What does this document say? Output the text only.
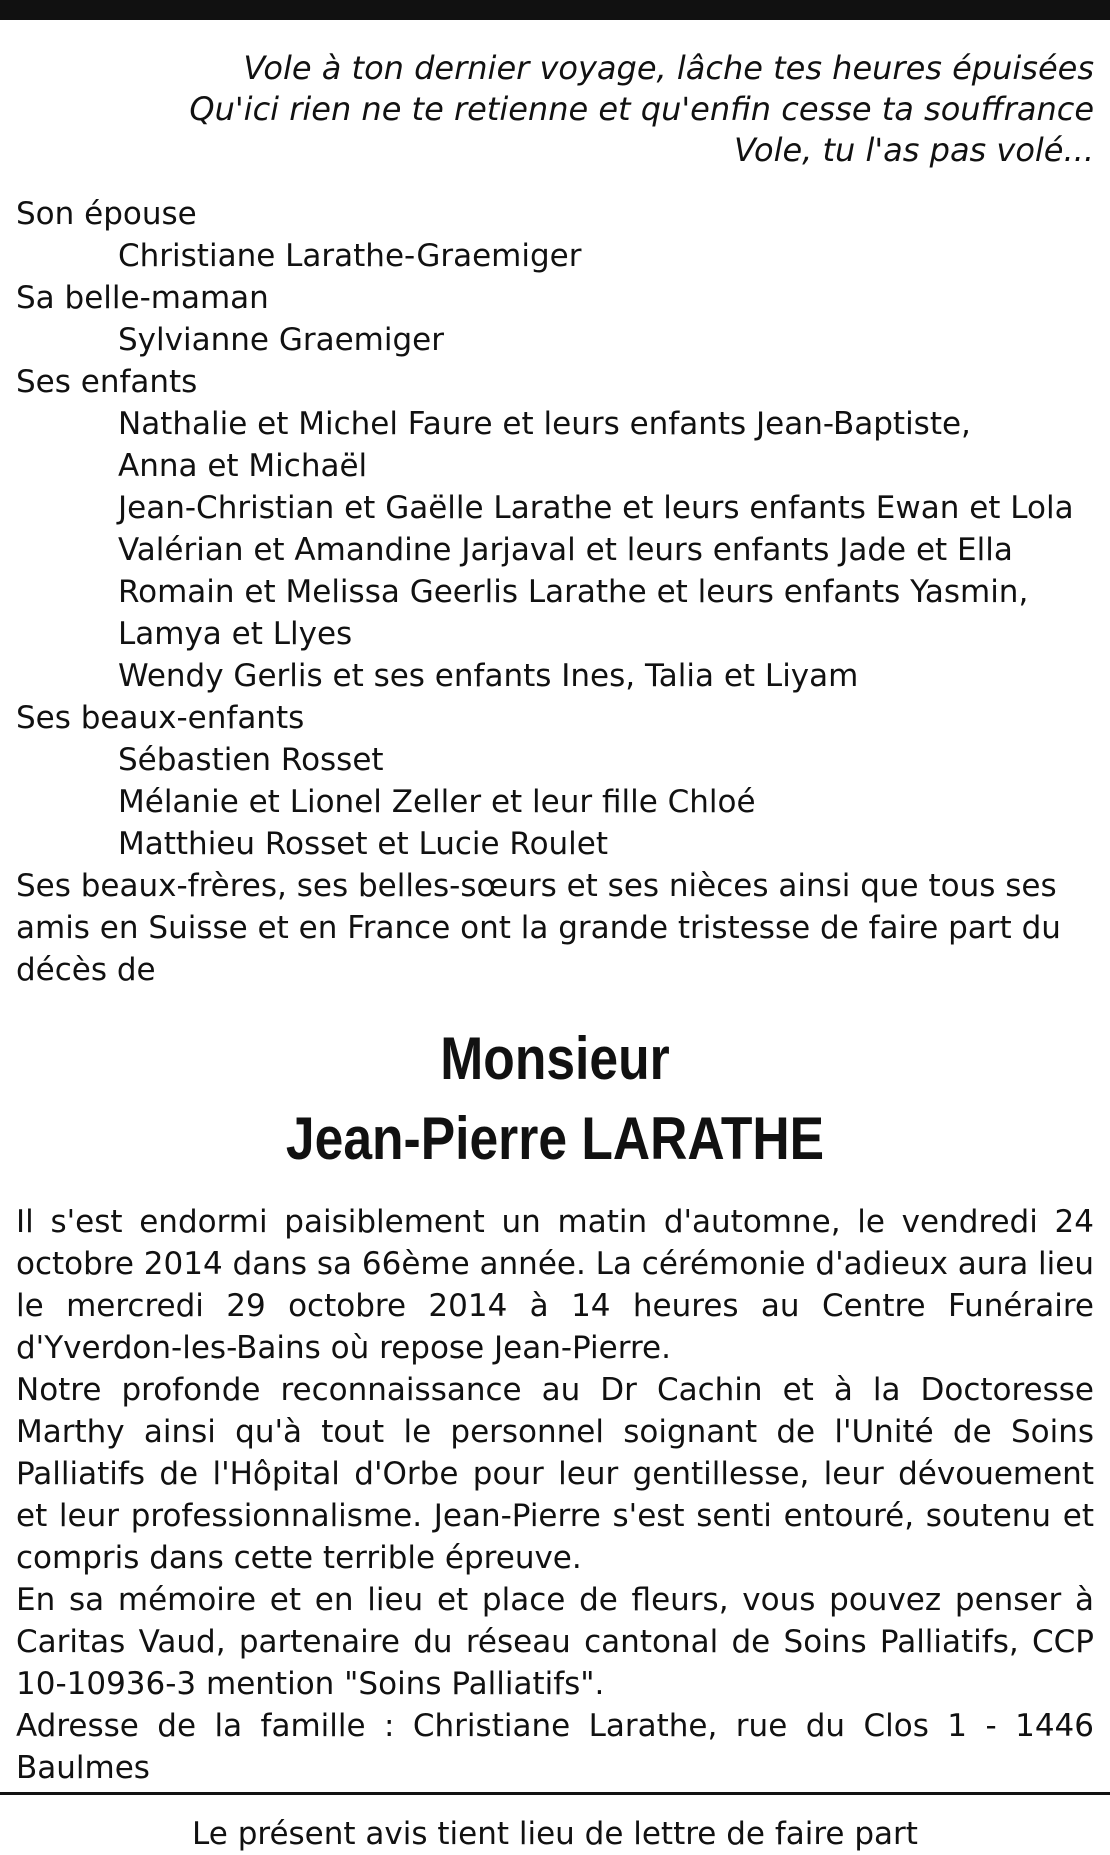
Vole à ton dernier voyage, lâche tes heures épuisées
Qu'ici rien ne te retienne et qu'enfin cesse ta souffrance
Vole, tu l'as pas volé...
Son épouse
Christiane Larathe-Graemiger
Sa belle-maman
Sylvianne Graemiger
Ses enfants
Nathalie et Michel Faure et leurs enfants Jean-Baptiste,
Anna et Michaël
Jean-Christian et Gaëlle Larathe et leurs enfants Ewan et Lola
Valérian et Amandine Jarjaval et leurs enfants Jade et Ella
Romain et Melissa Geerlis Larathe et leurs enfants Yasmin,
Lamya et Llyes
Wendy Gerlis et ses enfants Ines, Talia et Liyam
Ses beaux-enfants
Sébastien Rosset
Mélanie et Lionel Zeller et leur fille Chloé
Matthieu Rosset et Lucie Roulet
Ses beaux-frères, ses belles-sœurs et ses nièces ainsi que tous ses amis en Suisse et en France ont la grande tristesse de faire part du décès de
Monsieur
Jean-Pierre LARATHE

Il s'est endormi paisiblement un matin d'automne, le vendredi 24 octobre 2014 dans sa 66ème année. La cérémonie d'adieux aura lieu le mercredi 29 octobre 2014 à 14 heures au Centre Funéraire d'Yverdon-les-Bains où repose Jean-Pierre.

Notre profonde reconnaissance au Dr Cachin et à la Doctoresse Marthy ainsi qu'à tout le personnel soignant de l'Unité de Soins Palliatifs de l'Hôpital d'Orbe pour leur gentillesse, leur dévouement et leur professionnalisme. Jean-Pierre s'est senti entouré, soutenu et compris dans cette terrible épreuve.

En sa mémoire et en lieu et place de fleurs, vous pouvez penser à Caritas Vaud, partenaire du réseau cantonal de Soins Palliatifs, CCP 10-10936-3 mention "Soins Palliatifs".

Adresse de la famille : Christiane Larathe, rue du Clos 1 - 1446 Baulmes

Le présent avis tient lieu de lettre de faire part
